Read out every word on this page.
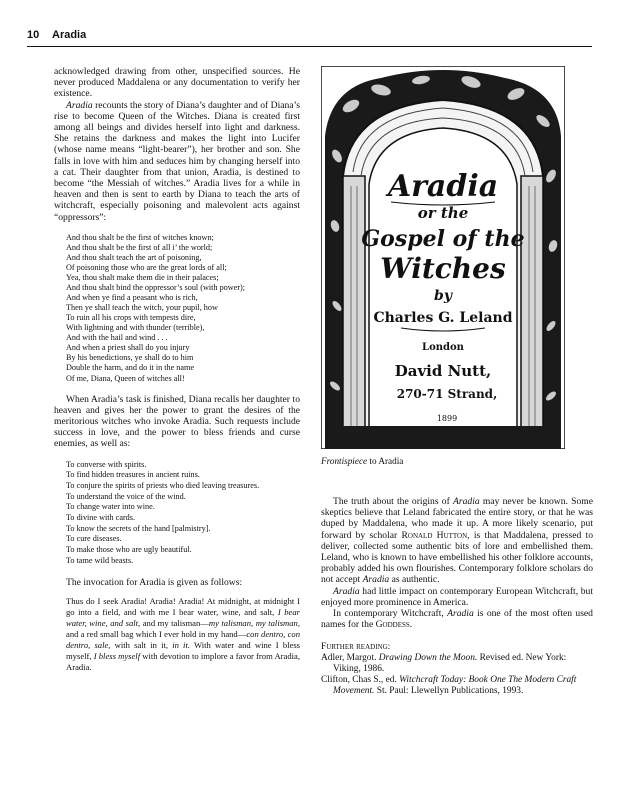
10 Aradia

acknowledged drawing from other, unspecified sources. He never produced Maddalena or any documentation to verify her existence.

Aradia recounts the story of Diana’s daughter and of Diana’s rise to become Queen of the Witches. Diana is created first among all beings and divides herself into light and darkness. She retains the darkness and makes the light into Lucifer (whose name means “light-bearer”), her brother and son. She falls in love with him and seduces him by changing herself into a cat. Their daughter from that union, Aradia, is destined to become “the Messiah of witches.” Aradia lives for a while in heaven and then is sent to earth by Diana to teach the arts of witchcraft, especially poisoning and malevolent acts against “oppressors”:

And thou shalt be the first of witches known;
And thou shalt be the first of all i’ the world;
And thou shalt teach the art of poisoning,
Of poisoning those who are the great lords of all;
Yea, thou shalt make them die in their palaces;
And thou shalt bind the oppressor’s soul (with power);
And when ye find a peasant who is rich,
Then ye shall teach the witch, your pupil, how
To ruin all his crops with tempests dire,
With lightning and with thunder (terrible),
And with the hail and wind . . .
And when a priest shall do you injury
By his benedictions, ye shall do to him
Double the harm, and do it in the name
Of me, Diana, Queen of witches all!

When Aradia’s task is finished, Diana recalls her daughter to heaven and gives her the power to grant the desires of the meritorious witches who invoke Aradia. Such requests include success in love, and the power to bless friends and curse enemies, as well as:

To converse with spirits.
To find hidden treasures in ancient ruins.
To conjure the spirits of priests who died leaving treasures.
To understand the voice of the wind.
To change water into wine.
To divine with cards.
To know the secrets of the hand [palmistry].
To cure diseases.
To make those who are ugly beautiful.
To tame wild beasts.

The invocation for Aradia is given as follows:

Thus do I seek Aradia! Aradia! Aradia! At midnight, at midnight I go into a field, and with me I bear water, wine, and salt, I bear water, wine, and salt, and my talisman—my talisman, my talisman, and a red small bag which I ever hold in my hand—con dentro, con dentro, sale, with salt in it, in it. With water and wine I bless myself, I bless myself with devotion to implore a favor from Aradia, Aradia.
Aradia
or the
Gospel of the
Witches
by
Charles G. Leland
London
David Nutt,
270-71 Strand,
1899
Frontispiece to Aradia

The truth about the origins of Aradia may never be known. Some skeptics believe that Leland fabricated the entire story, or that he was duped by Maddalena, who made it up. A more likely scenario, put forward by scholar Ronald Hutton, is that Maddalena, pressed to deliver, collected some authentic bits of lore and embellished them. Leland, who is known to have embellished his other folklore accounts, probably added his own flourishes. Contemporary folklore scholars do not accept Aradia as authentic.

Aradia had little impact on contemporary European Witchcraft, but enjoyed more prominence in America.

In contemporary Witchcraft, Aradia is one of the most often used names for the Goddess.

Further reading:

Adler, Margot. Drawing Down the Moon. Revised ed. New York: Viking, 1986.

Clifton, Chas S., ed. Witchcraft Today: Book One The Modern Craft Movement. St. Paul: Llewellyn Publications, 1993.
